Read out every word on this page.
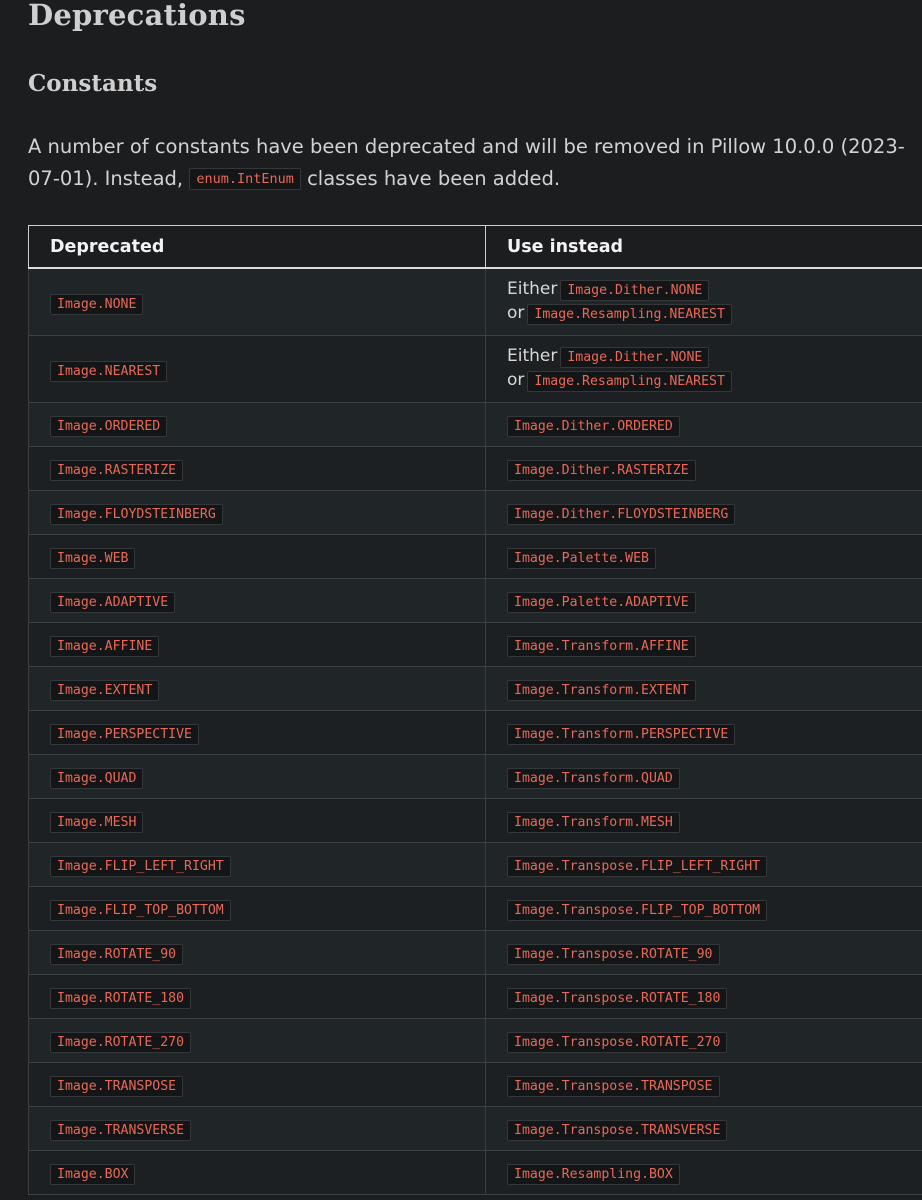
Deprecations
Constants

A number of constants have been deprecated and will be removed in Pillow 10.0.0 (2023-07-01). Instead, enum.IntEnum classes have been added.

Deprecated	Use instead
Image.NONE	Either Image.Dither.NONE
or Image.Resampling.NEAREST

Image.NEAREST	Either Image.Dither.NONE
or Image.Resampling.NEAREST

Image.ORDERED	Image.Dither.ORDERED
Image.RASTERIZE	Image.Dither.RASTERIZE
Image.FLOYDSTEINBERG	Image.Dither.FLOYDSTEINBERG
Image.WEB	Image.Palette.WEB
Image.ADAPTIVE	Image.Palette.ADAPTIVE
Image.AFFINE	Image.Transform.AFFINE
Image.EXTENT	Image.Transform.EXTENT
Image.PERSPECTIVE	Image.Transform.PERSPECTIVE
Image.QUAD	Image.Transform.QUAD
Image.MESH	Image.Transform.MESH
Image.FLIP_LEFT_RIGHT	Image.Transpose.FLIP_LEFT_RIGHT
Image.FLIP_TOP_BOTTOM	Image.Transpose.FLIP_TOP_BOTTOM
Image.ROTATE_90	Image.Transpose.ROTATE_90
Image.ROTATE_180	Image.Transpose.ROTATE_180
Image.ROTATE_270	Image.Transpose.ROTATE_270
Image.TRANSPOSE	Image.Transpose.TRANSPOSE
Image.TRANSVERSE	Image.Transpose.TRANSVERSE
Image.BOX	Image.Resampling.BOX
